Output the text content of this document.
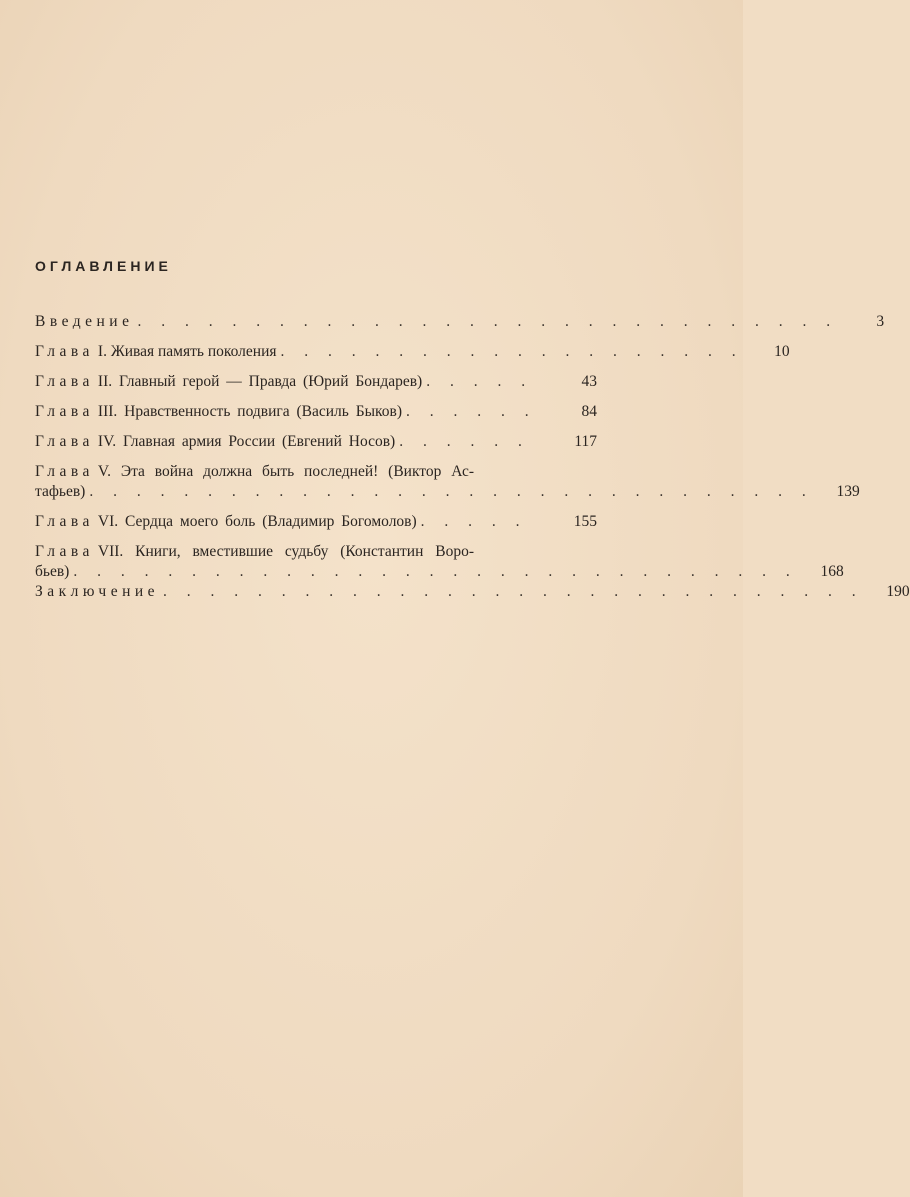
ОГЛАВЛЕНИЕ
Введение . . . . . . . . . . . . . . . . . . . . . . . . . . . . . .	3
Глава I. Живая память поколения . . . . . . . . . . . . . . . . . . . .	10
Глава II. Главный герой — Правда (Юрий Бондарев) . . . . .	43
Глава III. Нравственность подвига (Василь Быков) . . . . . .	84
Глава IV. Главная армия России (Евгений Носов) . . . . . .	117
Глава V. Эта война должна быть последней! (Виктор Ас-
тафьев) . . . . . . . . . . . . . . . . . . . . . . . . . . . . . . .	139
Глава VI. Сердца моего боль (Владимир Богомолов) . . . . .	155
Глава VII. Книги, вместившие судьбу (Константин Воро-
бьев) . . . . . . . . . . . . . . . . . . . . . . . . . . . . . . .	168
Заключение . . . . . . . . . . . . . . . . . . . . . . . . . . . . . .	190
